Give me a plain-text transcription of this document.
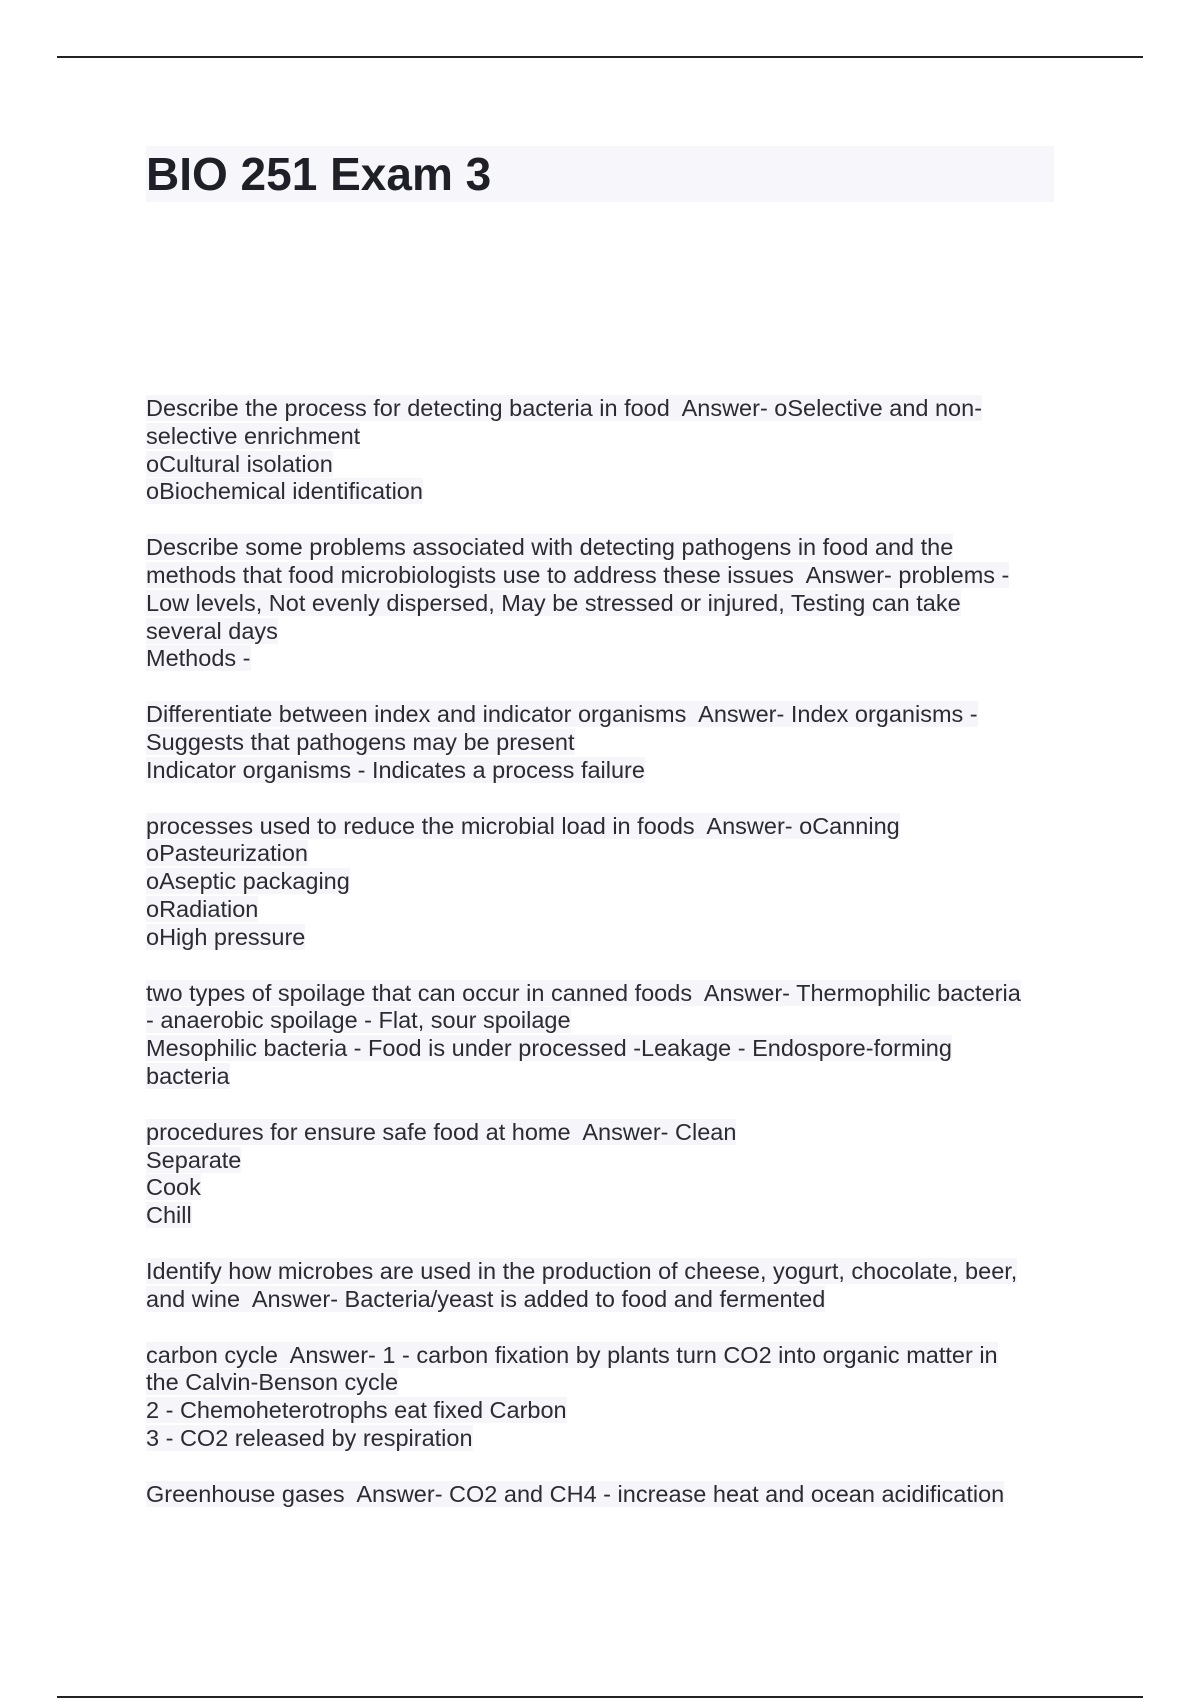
BIO 251 Exam 3
Describe the process for detecting bacteria in food  Answer- oSelective and non-
selective enrichment
oCultural isolation
oBiochemical identification
Describe some problems associated with detecting pathogens in food and the
methods that food microbiologists use to address these issues  Answer- problems -
Low levels, Not evenly dispersed, May be stressed or injured, Testing can take
several days
Methods -
Differentiate between index and indicator organisms  Answer- Index organisms -
Suggests that pathogens may be present
Indicator organisms - Indicates a process failure
processes used to reduce the microbial load in foods  Answer- oCanning
oPasteurization
oAseptic packaging
oRadiation
oHigh pressure
two types of spoilage that can occur in canned foods  Answer- Thermophilic bacteria
- anaerobic spoilage - Flat, sour spoilage
Mesophilic bacteria - Food is under processed -Leakage - Endospore-forming
bacteria
procedures for ensure safe food at home  Answer- Clean
Separate
Cook
Chill
Identify how microbes are used in the production of cheese, yogurt, chocolate, beer,
and wine  Answer- Bacteria/yeast is added to food and fermented
carbon cycle  Answer- 1 - carbon fixation by plants turn CO2 into organic matter in
the Calvin-Benson cycle
2 - Chemoheterotrophs eat fixed Carbon
3 - CO2 released by respiration
Greenhouse gases  Answer- CO2 and CH4 - increase heat and ocean acidification
